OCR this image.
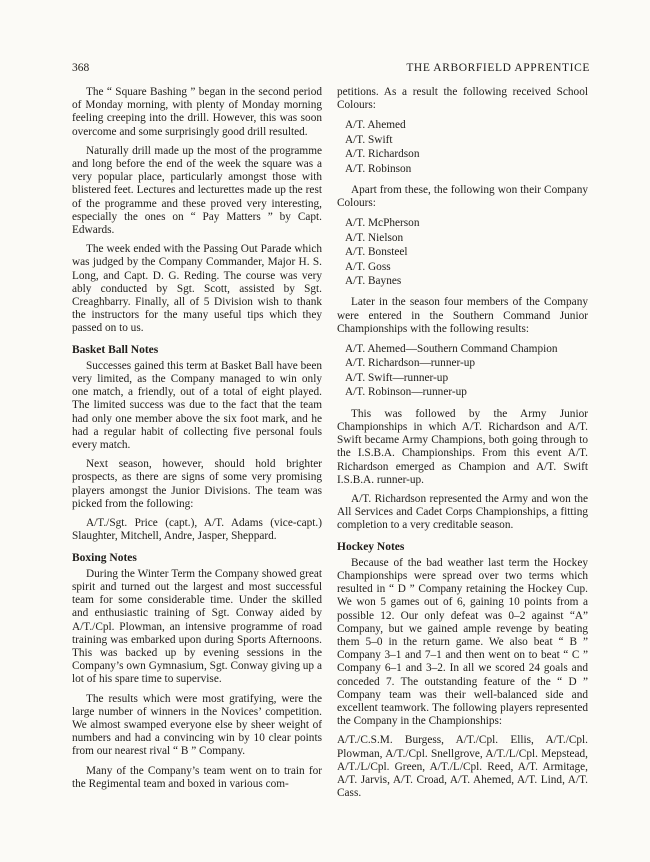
368	THE ARBORFIELD APPRENTICE

The “ Square Bashing ” began in the second period of Monday morning, with plenty of Monday morning feeling creeping into the drill. However, this was soon overcome and some surprisingly good drill resulted.

Naturally drill made up the most of the programme and long before the end of the week the square was a very popular place, particularly amongst those with blistered feet. Lectures and lecturettes made up the rest of the programme and these proved very interesting, especially the ones on “ Pay Matters ” by Capt. Edwards.

The week ended with the Passing Out Parade which was judged by the Company Commander, Major H. S. Long, and Capt. D. G. Reding. The course was very ably conducted by Sgt. Scott, assisted by Sgt. Creaghbarry. Finally, all of 5 Division wish to thank the instructors for the many useful tips which they passed on to us.

Basket Ball Notes

Successes gained this term at Basket Ball have been very limited, as the Company managed to win only one match, a friendly, out of a total of eight played. The limited success was due to the fact that the team had only one member above the six foot mark, and he had a regular habit of collecting five personal fouls every match.

Next season, however, should hold brighter prospects, as there are signs of some very promising players amongst the Junior Divisions. The team was picked from the following:

A/T./Sgt. Price (capt.), A/T. Adams (vice-capt.) Slaughter, Mitchell, Andre, Jasper, Sheppard.

Boxing Notes

During the Winter Term the Company showed great spirit and turned out the largest and most successful team for some considerable time. Under the skilled and enthusiastic training of Sgt. Conway aided by A/T./Cpl. Plowman, an intensive programme of road training was embarked upon during Sports Afternoons. This was backed up by evening sessions in the Company’s own Gymnasium, Sgt. Conway giving up a lot of his spare time to supervise.

The results which were most gratifying, were the large number of winners in the Novices’ competition. We almost swamped everyone else by sheer weight of numbers and had a convincing win by 10 clear points from our nearest rival “ B ” Company.

Many of the Company’s team went on to train for the Regimental team and boxed in various com-

petitions. As a result the following received School Colours:

A/T. Ahemed
A/T. Swift
A/T. Richardson
A/T. Robinson

Apart from these, the following won their Company Colours:

A/T. McPherson
A/T. Nielson
A/T. Bonsteel
A/T. Goss
A/T. Baynes

Later in the season four members of the Company were entered in the Southern Command Junior Championships with the following results:

A/T. Ahemed—Southern Command Champion
A/T. Richardson—runner-up
A/T. Swift—runner-up
A/T. Robinson—runner-up

This was followed by the Army Junior Championships in which A/T. Richardson and A/T. Swift became Army Champions, both going through to the I.S.B.A. Championships. From this event A/T. Richardson emerged as Champion and A/T. Swift I.S.B.A. runner-up.

A/T. Richardson represented the Army and won the All Services and Cadet Corps Championships, a fitting completion to a very creditable season.

Hockey Notes

Because of the bad weather last term the Hockey Championships were spread over two terms which resulted in “ D ” Company retaining the Hockey Cup. We won 5 games out of 6, gaining 10 points from a possible 12. Our only defeat was 0–2 against “A” Company, but we gained ample revenge by beating them 5–0 in the return game. We also beat “ B ” Company 3–1 and 7–1 and then went on to beat “ C ” Company 6–1 and 3–2. In all we scored 24 goals and conceded 7. The outstanding feature of the “ D ” Company team was their well-balanced side and excellent teamwork. The following players represented the Company in the Championships:

A/T./C.S.M. Burgess, A/T./Cpl. Ellis, A/T./Cpl. Plowman, A/T./Cpl. Snellgrove, A/T./L/Cpl. Mepstead, A/T./L/Cpl. Green, A/T./L/Cpl. Reed, A/T. Armitage, A/T. Jarvis, A/T. Croad, A/T. Ahemed, A/T. Lind, A/T. Cass.
